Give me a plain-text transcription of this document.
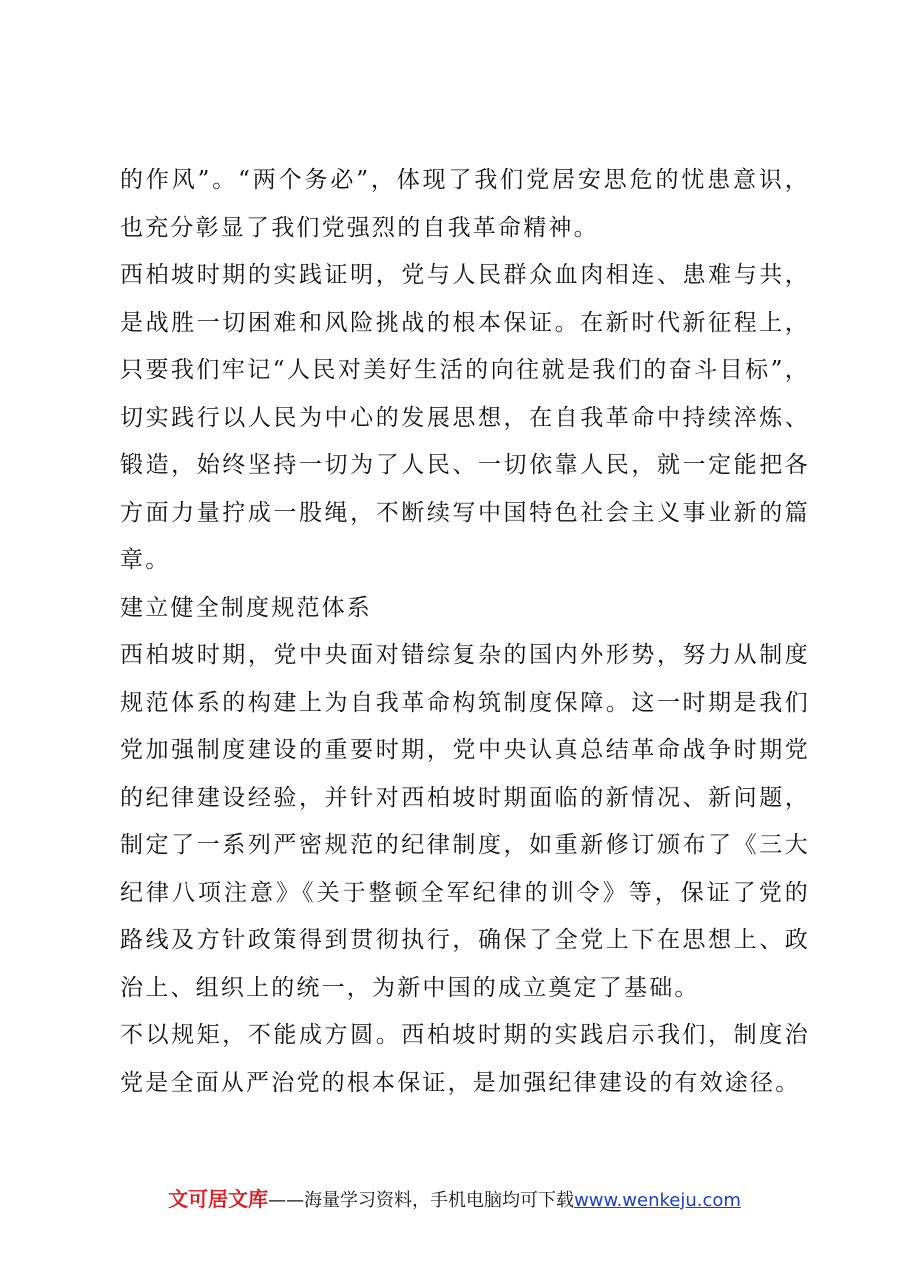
的作风”。“两个务必”，体现了我们党居安思危的忧患意识，也充分彰显了我们党强烈的自我革命精神。

西柏坡时期的实践证明，党与人民群众血肉相连、患难与共，是战胜一切困难和风险挑战的根本保证。在新时代新征程上，只要我们牢记“人民对美好生活的向往就是我们的奋斗目标”，切实践行以人民为中心的发展思想，在自我革命中持续淬炼、锻造，始终坚持一切为了人民、一切依靠人民，就一定能把各方面力量拧成一股绳，不断续写中国特色社会主义事业新的篇章。

建立健全制度规范体系

西柏坡时期，党中央面对错综复杂的国内外形势，努力从制度规范体系的构建上为自我革命构筑制度保障。这一时期是我们党加强制度建设的重要时期，党中央认真总结革命战争时期党的纪律建设经验，并针对西柏坡时期面临的新情况、新问题，制定了一系列严密规范的纪律制度，如重新修订颁布了《三大纪律八项注意》《关于整顿全军纪律的训令》等，保证了党的路线及方针政策得到贯彻执行，确保了全党上下在思想上、政治上、组织上的统一，为新中国的成立奠定了基础。

不以规矩，不能成方圆。西柏坡时期的实践启示我们，制度治党是全面从严治党的根本保证，是加强纪律建设的有效途径。

文可居文库——海量学习资料，手机电脑均可下载www.wenkeju.com
